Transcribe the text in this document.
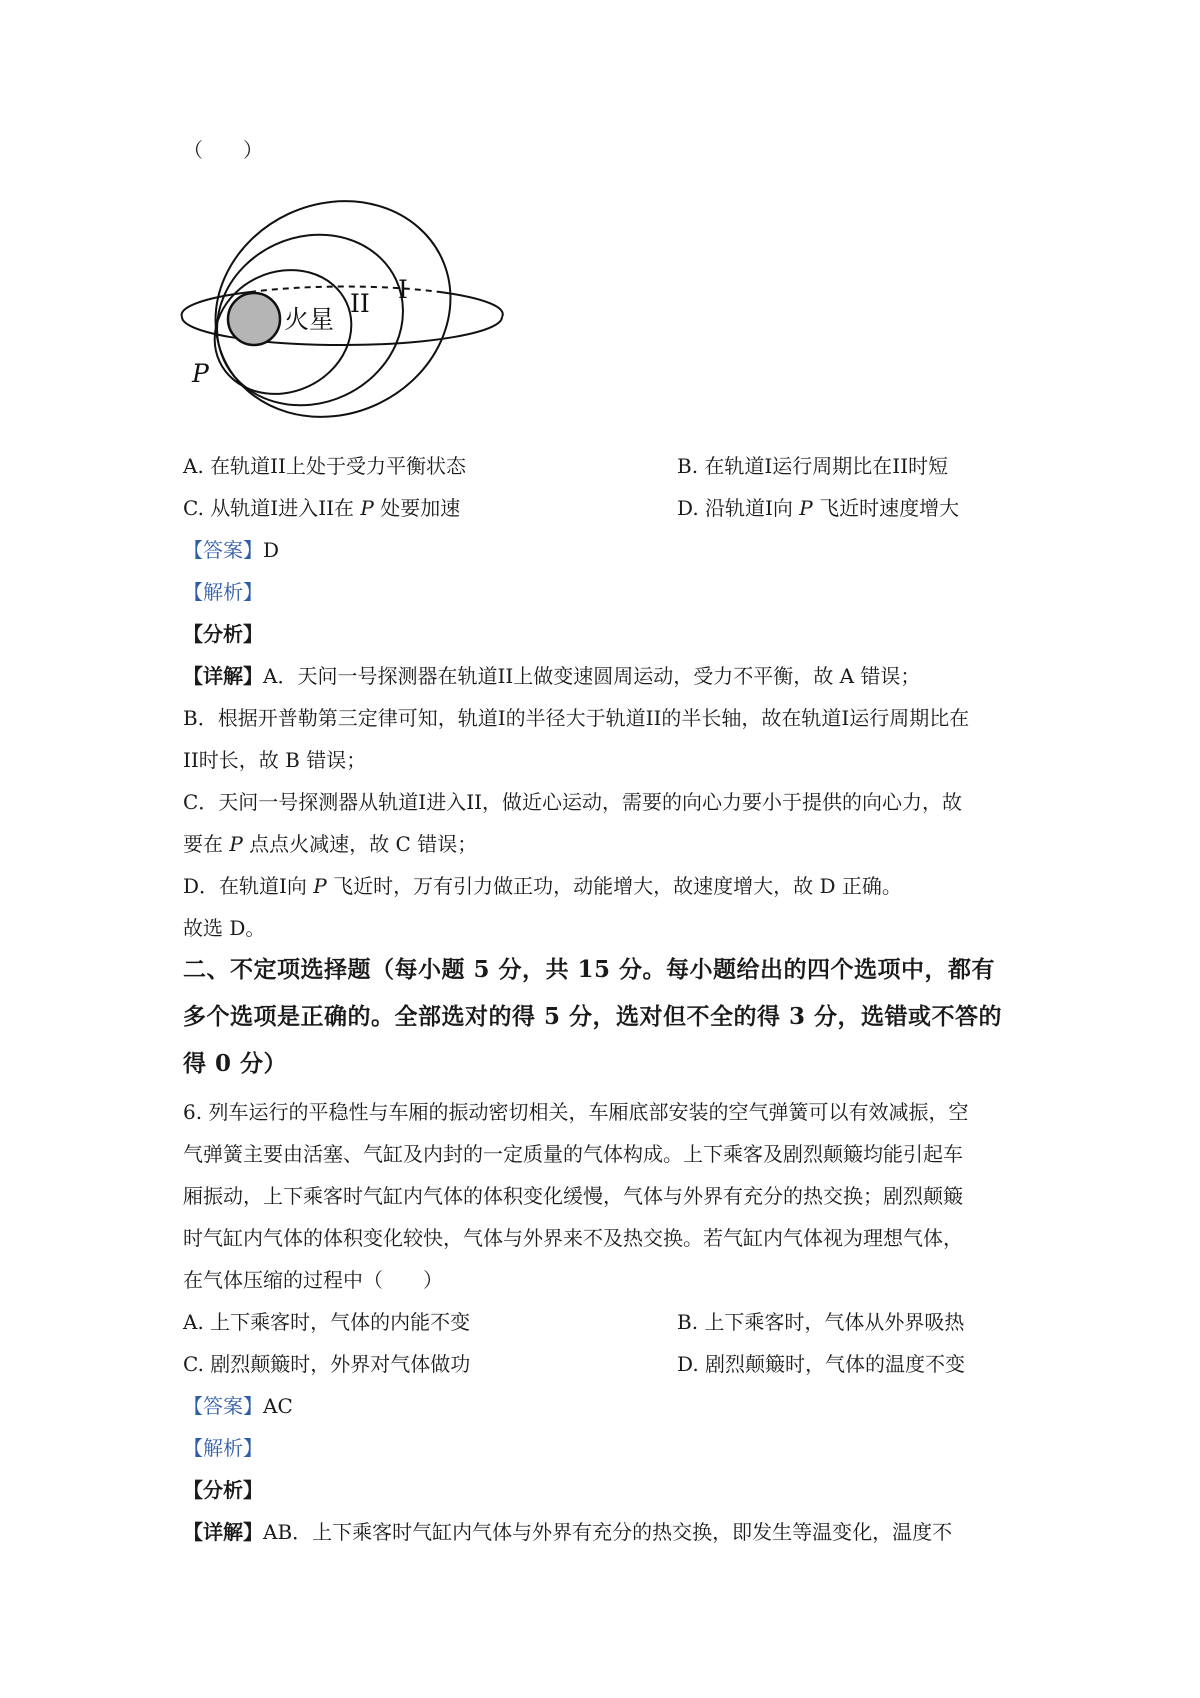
（　　）
火星
II I
P
A. 在轨道II上处于受力平衡状态	B. 在轨道I运行周期比在II时短
C. 从轨道I进入II在 P 处要加速	D. 沿轨道I向 P 飞近时速度增大
【答案】D
【解析】
【分析】
【详解】A．天问一号探测器在轨道II上做变速圆周运动，受力不平衡，故 A 错误；
B．根据开普勒第三定律可知，轨道I的半径大于轨道II的半长轴，故在轨道I运行周期比在
II时长，故 B 错误；
C．天问一号探测器从轨道I进入II，做近心运动，需要的向心力要小于提供的向心力，故
要在 P 点点火减速，故 C 错误；
D．在轨道I向 P 飞近时，万有引力做正功，动能增大，故速度增大，故 D 正确。
故选 D。
二、不定项选择题（每小题 5 分，共 15 分。每小题给出的四个选项中，都有
多个选项是正确的。全部选对的得 5 分，选对但不全的得 3 分，选错或不答的
得 0 分）
6. 列车运行的平稳性与车厢的振动密切相关，车厢底部安装的空气弹簧可以有效减振，空
气弹簧主要由活塞、气缸及内封的一定质量的气体构成。上下乘客及剧烈颠簸均能引起车
厢振动，上下乘客时气缸内气体的体积变化缓慢，气体与外界有充分的热交换；剧烈颠簸
时气缸内气体的体积变化较快，气体与外界来不及热交换。若气缸内气体视为理想气体，
在气体压缩的过程中（　　）
A. 上下乘客时，气体的内能不变	B. 上下乘客时，气体从外界吸热
C. 剧烈颠簸时，外界对气体做功	D. 剧烈颠簸时，气体的温度不变
【答案】AC
【解析】
【分析】
【详解】AB．上下乘客时气缸内气体与外界有充分的热交换，即发生等温变化，温度不
